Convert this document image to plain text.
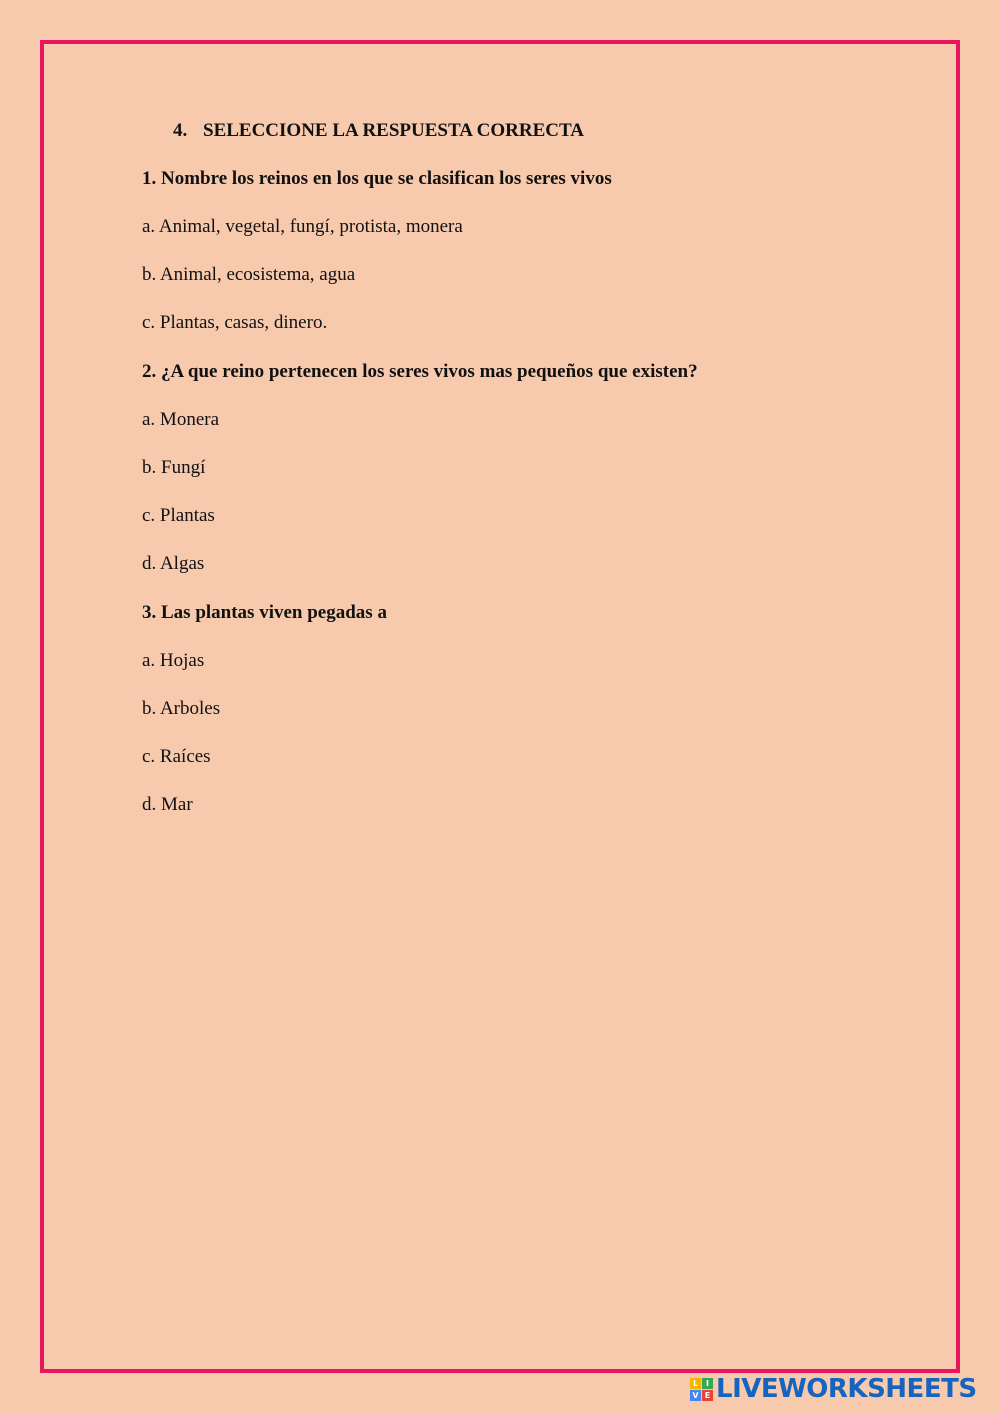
4. SELECCIONE LA RESPUESTA CORRECTA
1. Nombre los reinos en los que se clasifican los seres vivos
a. Animal, vegetal, fungí, protista, monera
b. Animal, ecosistema, agua
c. Plantas, casas, dinero.
2. ¿A que reino pertenecen los seres vivos mas pequeños que existen?
a. Monera
b. Fungí
c. Plantas
d. Algas
3. Las plantas viven pegadas a
a. Hojas
b. Arboles
c. Raíces
d. Mar
L I
V E LIVEWORKSHEETS
